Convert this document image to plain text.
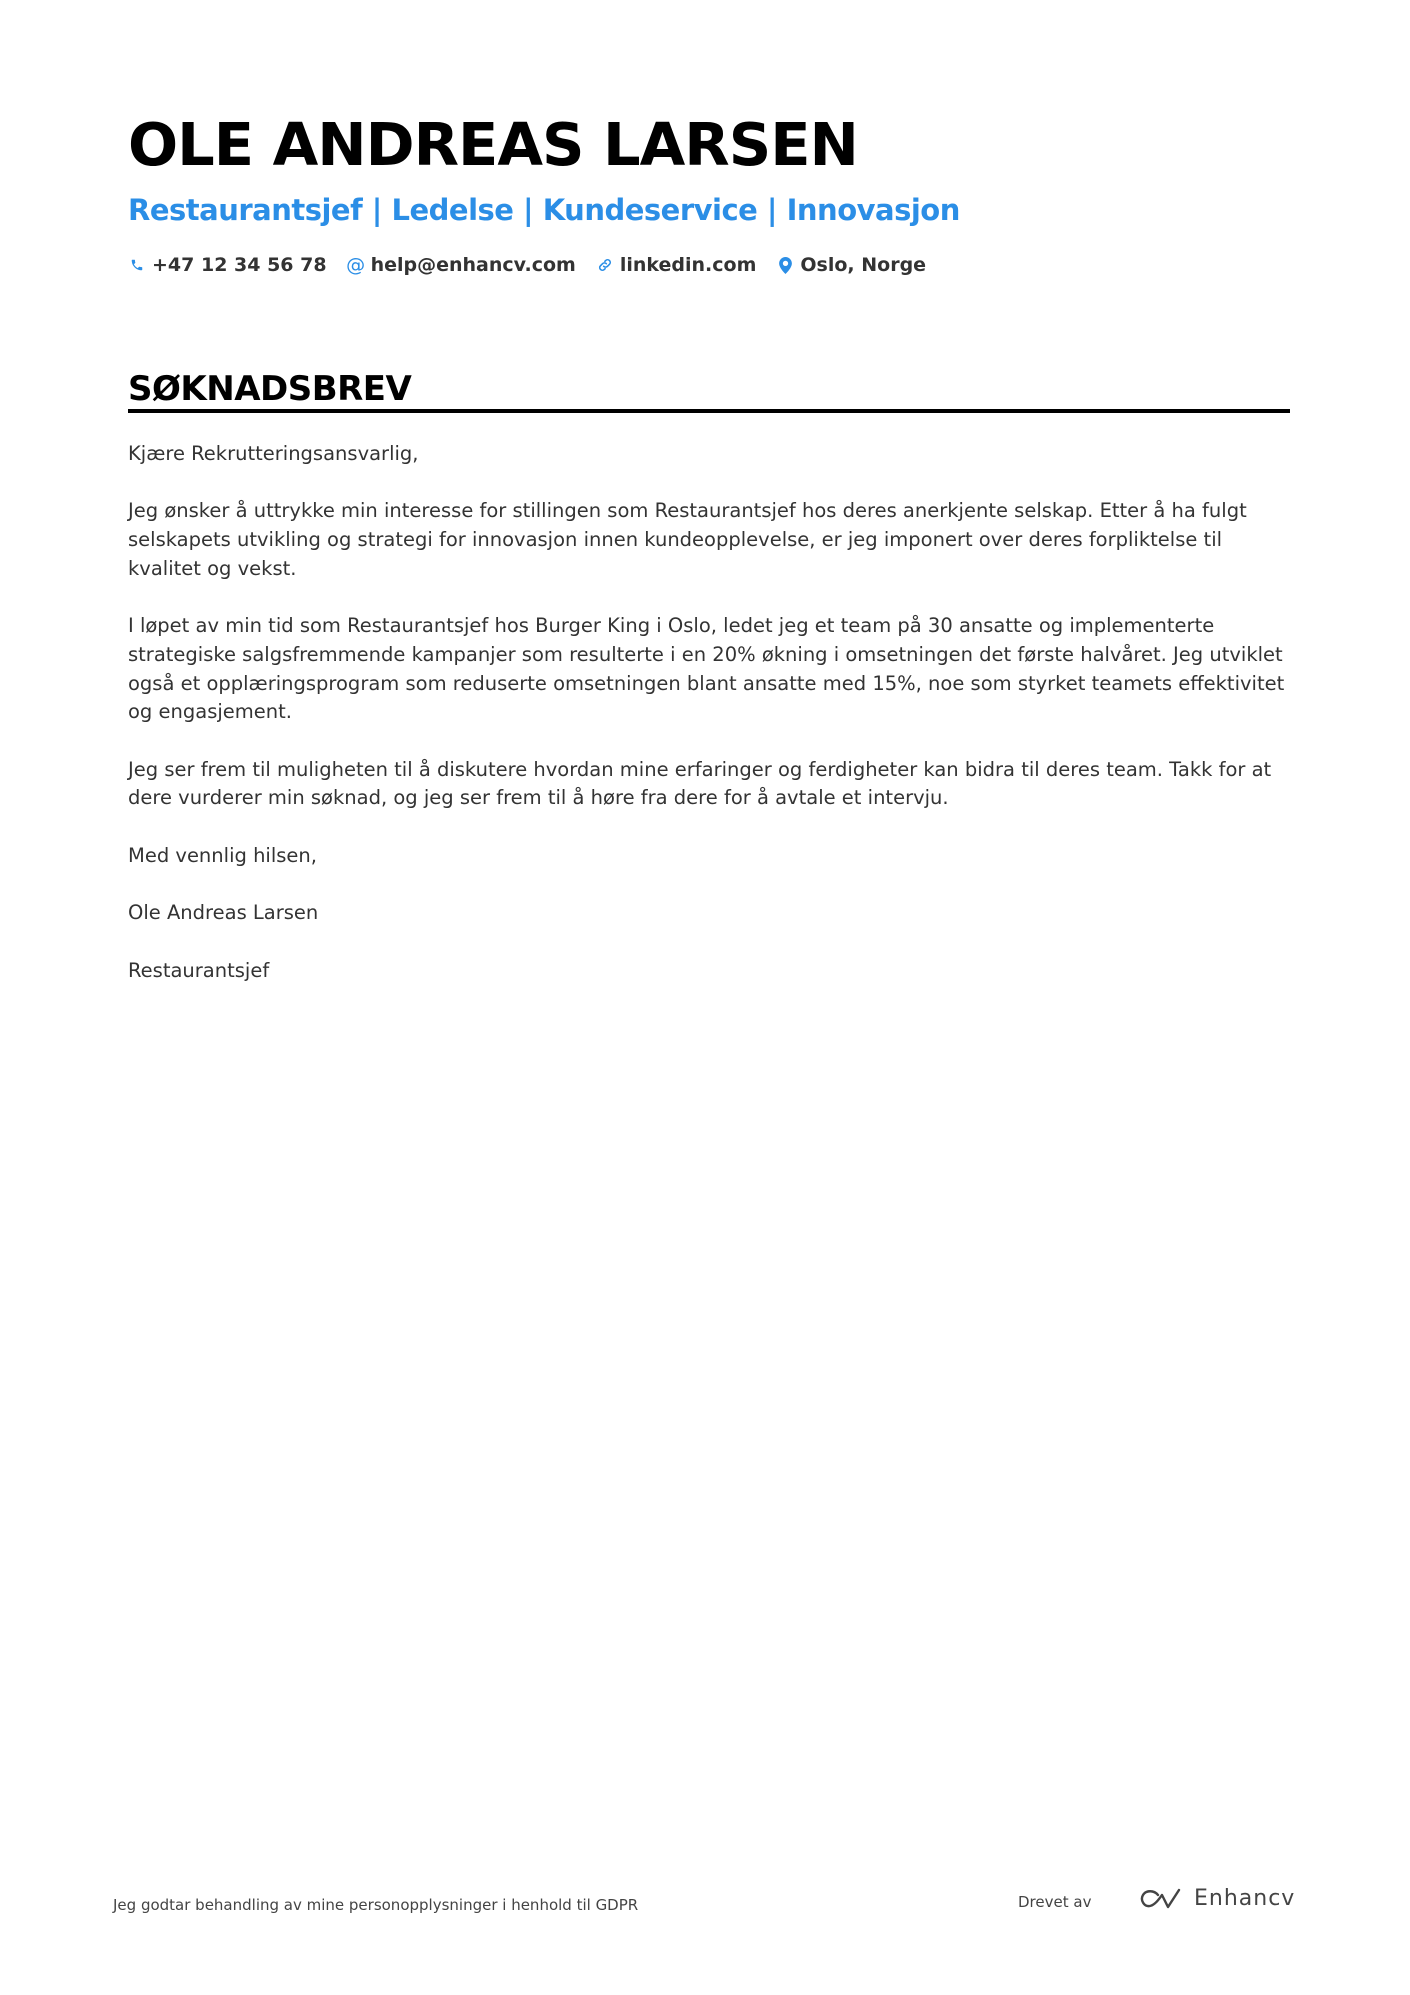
OLE ANDREAS LARSEN
Restaurantsjef | Ledelse | Kundeservice | Innovasjon
+47 12 34 56 78 @ help@enhancv.com linkedin.com Oslo, Norge
SØKNADSBREV

Kjære Rekrutteringsansvarlig,

Jeg ønsker å uttrykke min interesse for stillingen som Restaurantsjef hos deres anerkjente selskap. Etter å ha fulgt selskapets utvikling og strategi for innovasjon innen kundeopplevelse, er jeg imponert over deres forpliktelse til kvalitet og vekst.

I løpet av min tid som Restaurantsjef hos Burger King i Oslo, ledet jeg et team på 30 ansatte og implementerte strategiske salgsfremmende kampanjer som resulterte i en 20% økning i omsetningen det første halvåret. Jeg utviklet også et opplæringsprogram som reduserte omsetningen blant ansatte med 15%, noe som styrket teamets effektivitet og engasjement.

Jeg ser frem til muligheten til å diskutere hvordan mine erfaringer og ferdigheter kan bidra til deres team. Takk for at dere vurderer min søknad, og jeg ser frem til å høre fra dere for å avtale et intervju.

Med vennlig hilsen,

Ole Andreas Larsen

Restaurantsjef

Jeg godtar behandling av mine personopplysninger i henhold til GDPR	Drevet av	Enhancv
